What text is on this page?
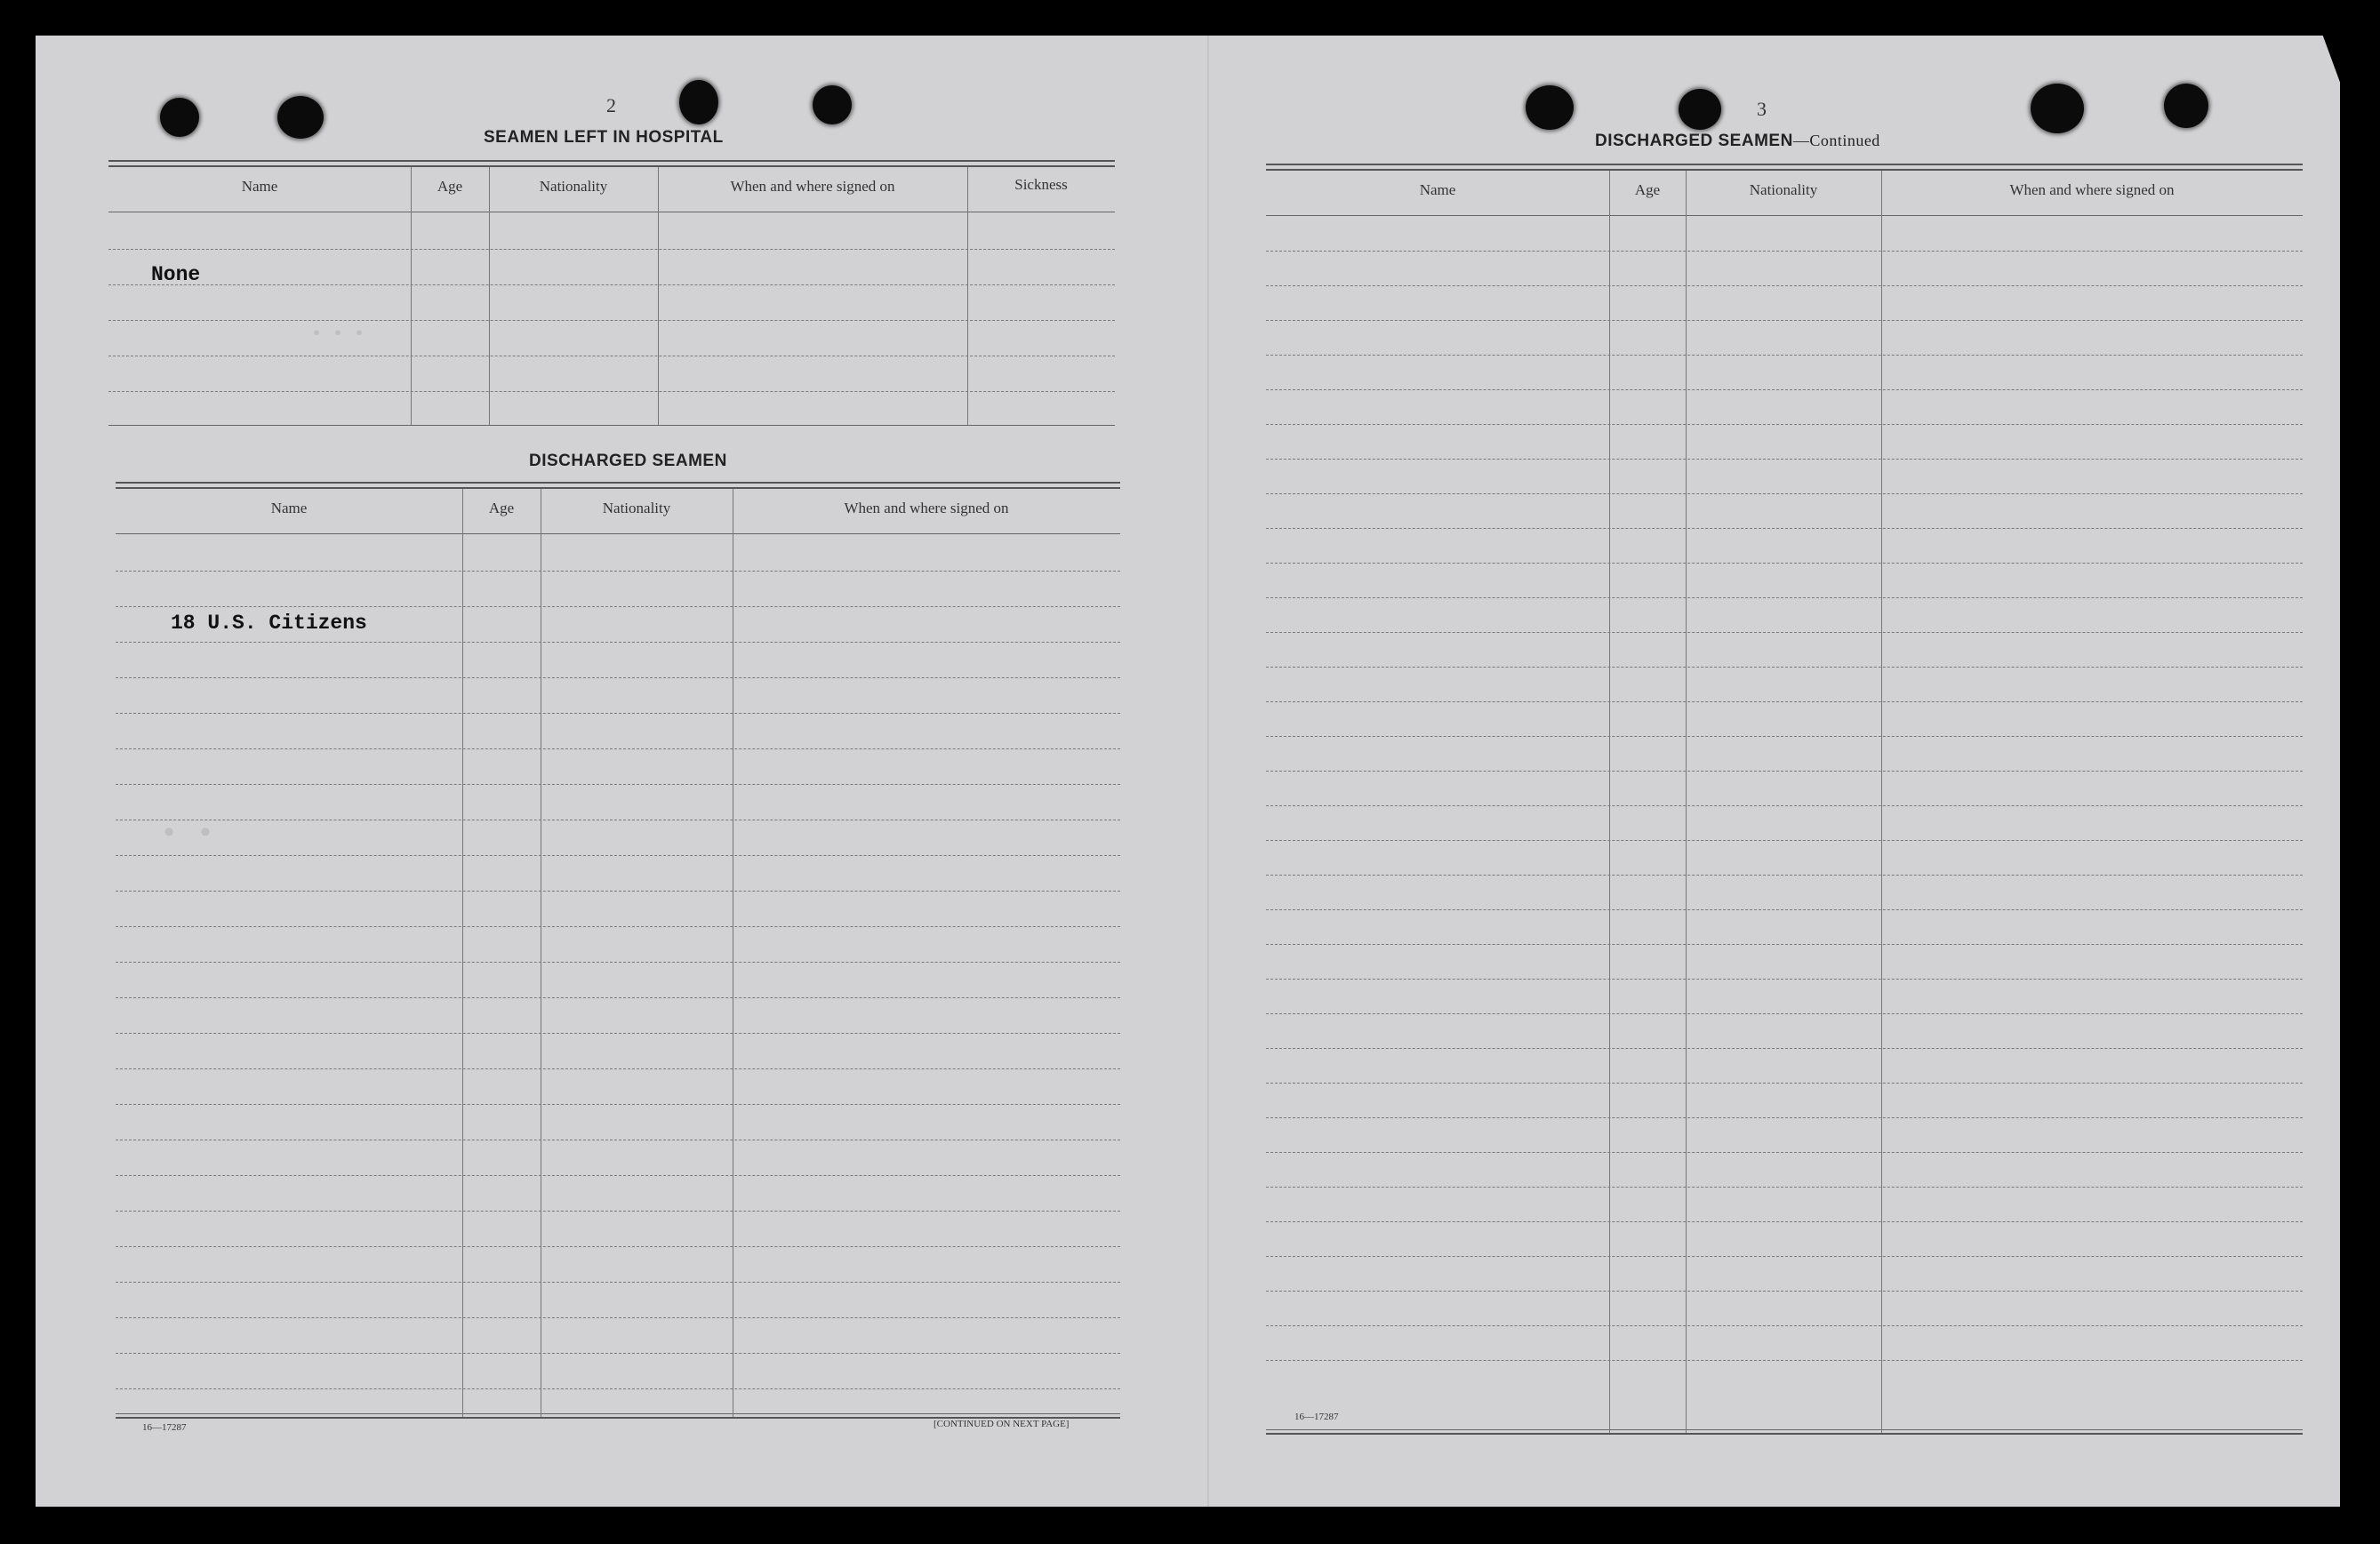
• • •
• •
2
SEAMEN LEFT IN HOSPITAL
Name	Age	Nationality	When and where signed on	Sickness
None
DISCHARGED SEAMEN
Name	Age	Nationality	When and where signed on
18 U.S. Citizens
16—17287	[CONTINUED ON NEXT PAGE]
3
DISCHARGED SEAMEN—Continued
Name	Age	Nationality	When and where signed on
16—17287
